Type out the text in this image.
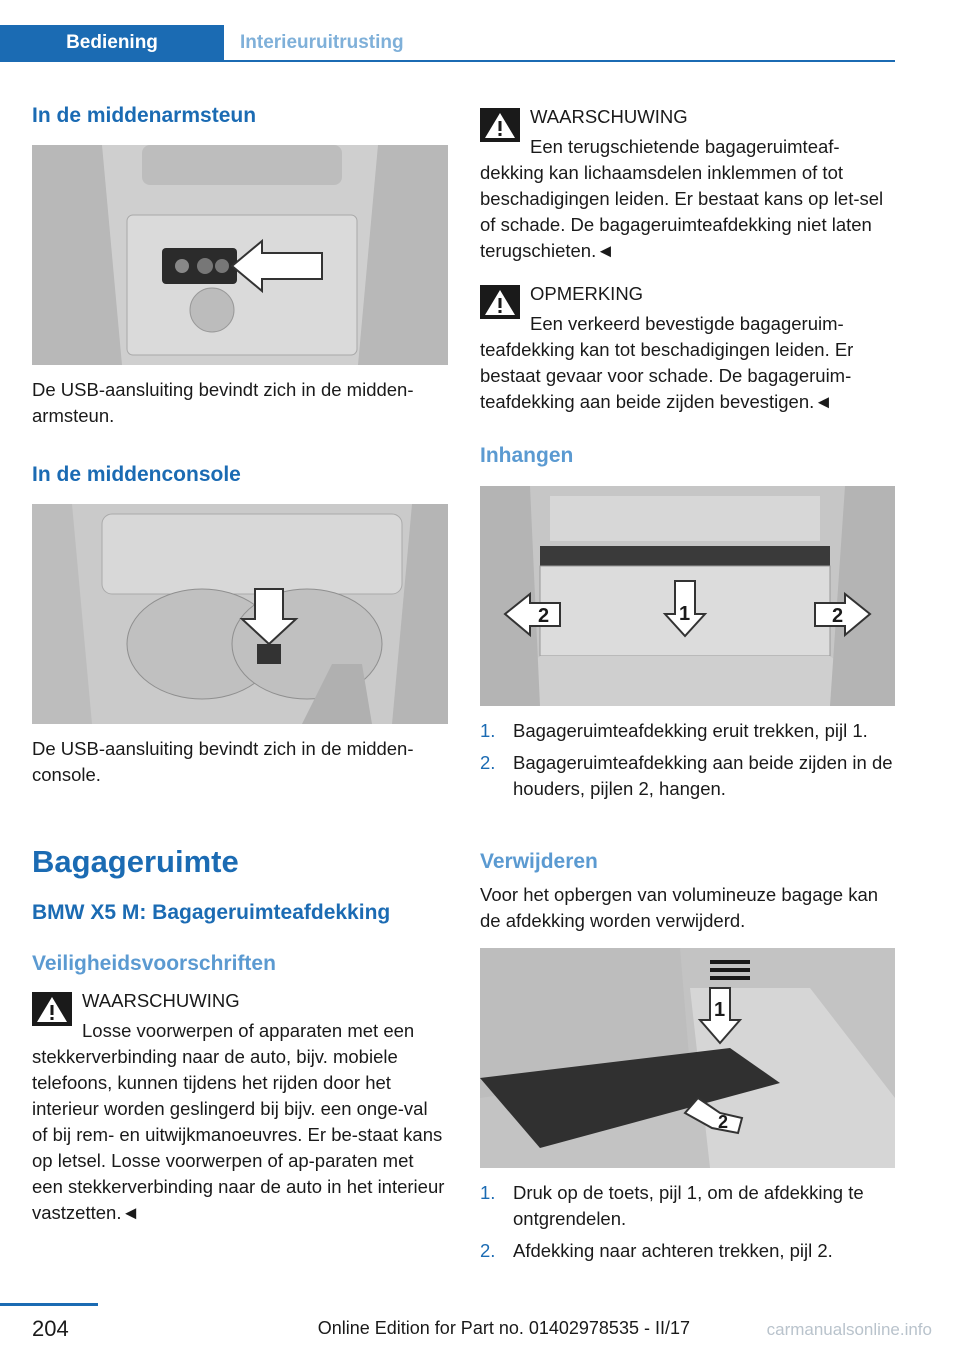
Bediening	Interieuruitrusting
In de middenarmsteun

De USB-aansluiting bevindt zich in de midden-armsteun.

In de middenconsole

De USB-aansluiting bevindt zich in de midden-console.

Bagageruimte
BMW X5 M: Bagageruimteafdekking
Veiligheidsvoorschriften
WAARSCHUWING

Losse voorwerpen of apparaten met een stekkerverbinding naar de auto, bijv. mobiele telefoons, kunnen tijdens het rijden door het interieur worden geslingerd bij bijv. een onge-val of bij rem- en uitwijkmanoeuvres. Er be-staat kans op letsel. Losse voorwerpen of ap-paraten met een stekkerverbinding naar de auto in het interieur vastzetten.◄

WAARSCHUWING

Een terugschietende bagageruimteaf-dekking kan lichaamsdelen inklemmen of tot beschadigingen leiden. Er bestaat kans op let-sel of schade. De bagageruimteafdekking niet laten terugschieten.◄

OPMERKING

Een verkeerd bevestigde bagageruim-teafdekking kan tot beschadigingen leiden. Er bestaat gevaar voor schade. De bagageruim-teafdekking aan beide zijden bevestigen.◄

Inhangen
2	1	2
1. Bagageruimteafdekking eruit trekken, pijl 1.
2. Bagageruimteafdekking aan beide zijden in de houders, pijlen 2, hangen.
Verwijderen

Voor het opbergen van volumineuze bagage kan de afdekking worden verwijderd.

1
2
1. Druk op de toets, pijl 1, om de afdekking te ontgrendelen.
2. Afdekking naar achteren trekken, pijl 2.
204	Online Edition for Part no. 01402978535 - II/17	carmanualsonline.info
